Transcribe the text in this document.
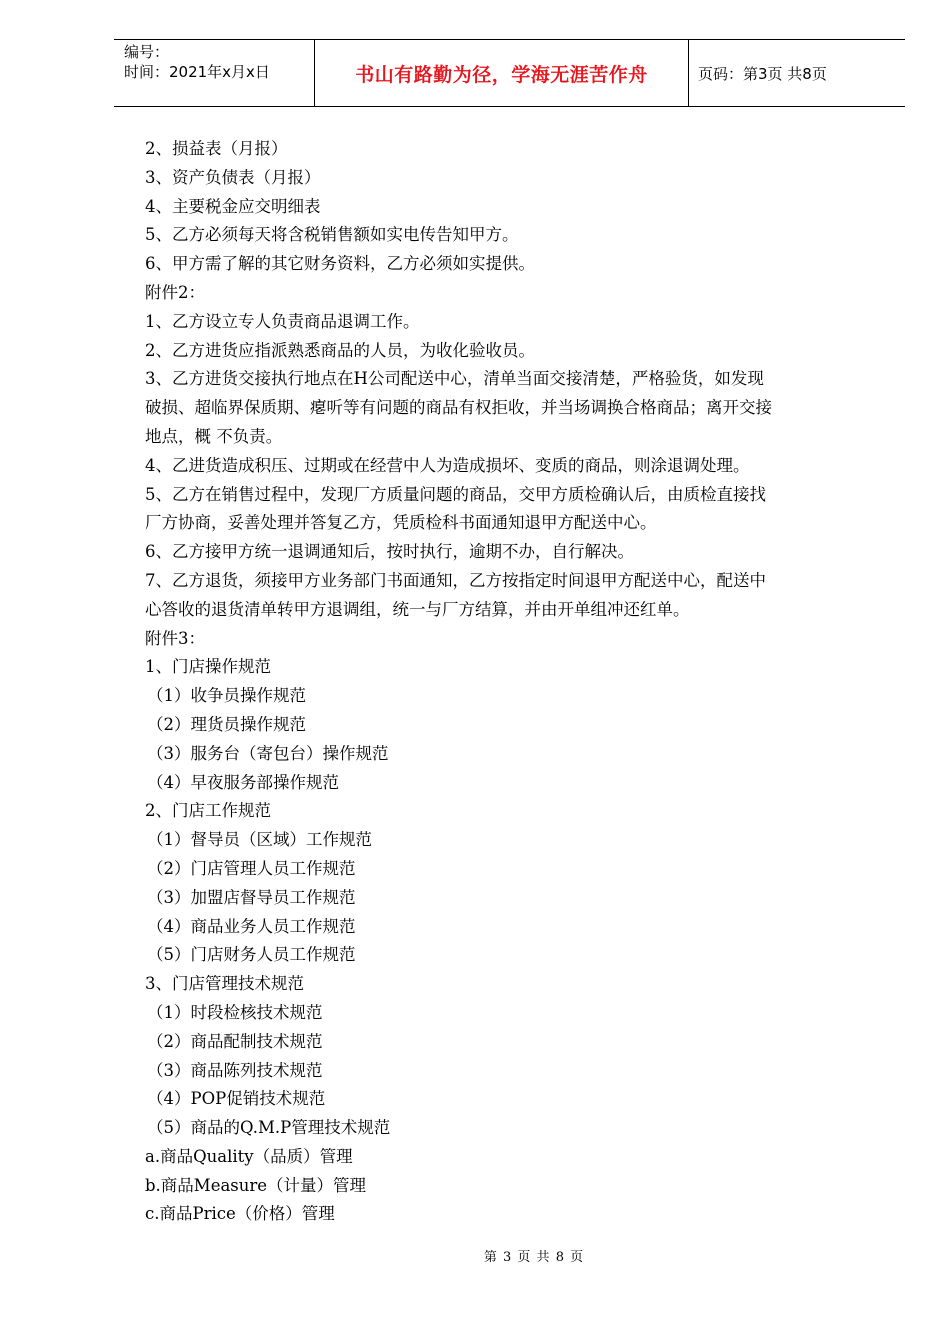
编号：
时间：2021年x月x日	书山有路勤为径，学海无涯苦作舟	页码：第3页 共8页

2、损益表（月报）

3、资产负债表（月报）

4、主要税金应交明细表

5、乙方必须每天将含税销售额如实电传告知甲方。

6、甲方需了解的其它财务资料，乙方必须如实提供。

附件2：

1、乙方设立专人负责商品退调工作。

2、乙方进货应指派熟悉商品的人员，为收化验收员。

3、乙方进货交接执行地点在H公司配送中心，清单当面交接清楚，严格验货，如发现

破损、超临界保质期、瘪听等有问题的商品有权拒收，并当场调换合格商品；离开交接

地点，概 不负责。

4、乙进货造成积压、过期或在经营中人为造成损坏、变质的商品，则涂退调处理。

5、乙方在销售过程中，发现厂方质量问题的商品，交甲方质检确认后，由质检直接找

厂方协商，妥善处理并答复乙方，凭质检科书面通知退甲方配送中心。

6、乙方接甲方统一退调通知后，按时执行，逾期不办，自行解决。

7、乙方退货，须接甲方业务部门书面通知，乙方按指定时间退甲方配送中心，配送中

心答收的退货清单转甲方退调组，统一与厂方结算，并由开单组冲还红单。

附件3：

1、门店操作规范

（1）收争员操作规范

（2）理货员操作规范

（3）服务台（寄包台）操作规范

（4）早夜服务部操作规范

2、门店工作规范

（1）督导员（区域）工作规范

（2）门店管理人员工作规范

（3）加盟店督导员工作规范

（4）商品业务人员工作规范

（5）门店财务人员工作规范

3、门店管理技术规范

（1）时段检核技术规范

（2）商品配制技术规范

（3）商品陈列技术规范

（4）POP促销技术规范

（5）商品的Q.M.P管理技术规范

a.商品Quality（品质）管理

b.商品Measure（计量）管理

c.商品Price（价格）管理

第 3 页 共 8 页
